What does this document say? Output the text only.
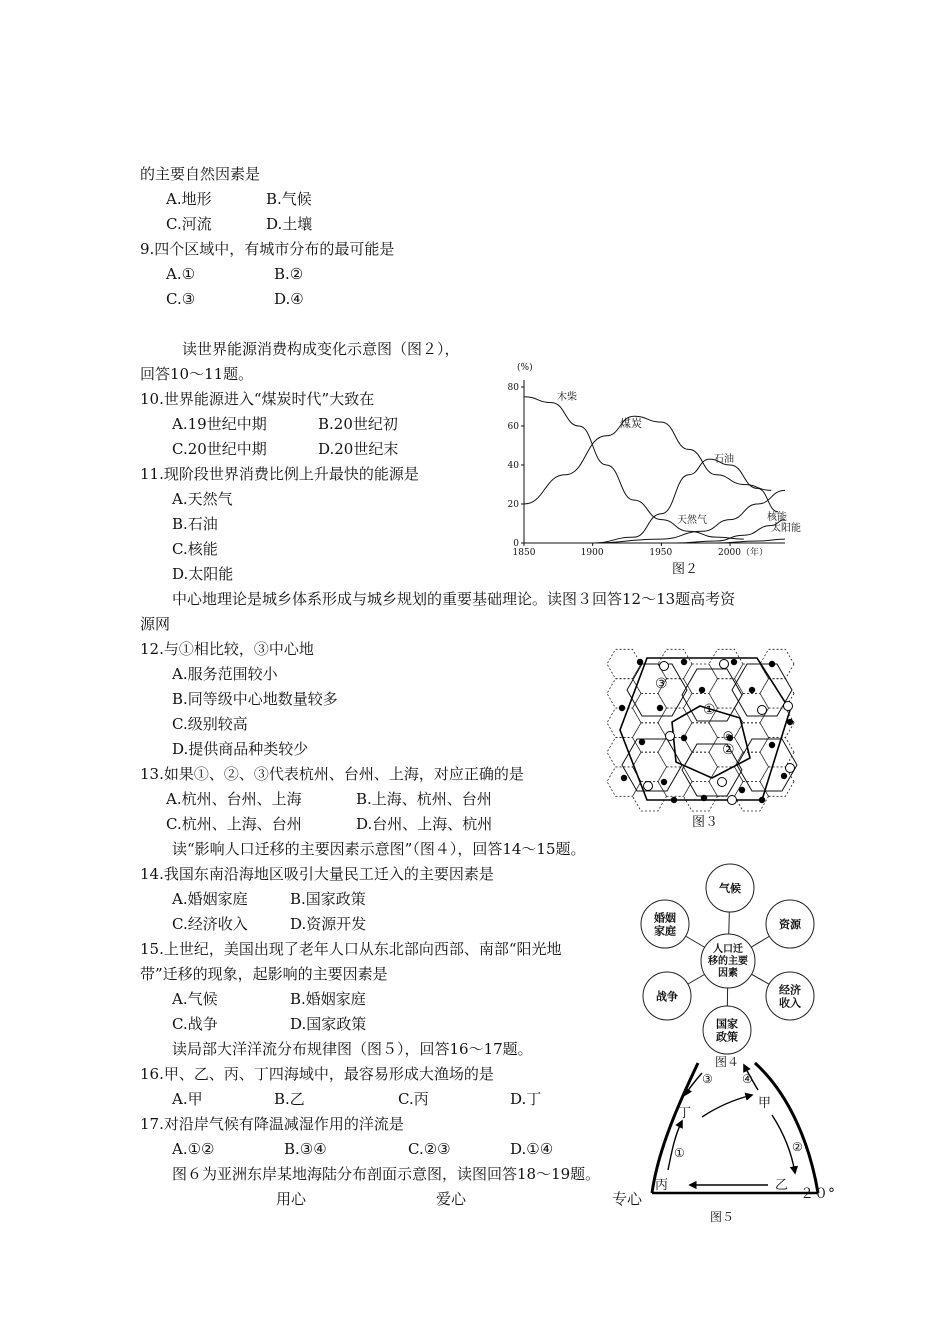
的主要自然因素是
A.地形	B.气候
C.河流	D.土壤
9.四个区域中，有城市分布的最可能是
A.①	B.②
C.③	D.④
读世界能源消费构成变化示意图（图２），
回答10～11题。
10.世界能源进入“煤炭时代”大致在
A.19世纪中期	B.20世纪初
C.20世纪中期	D.20世纪末
11.现阶段世界消费比例上升最快的能源是
A.天然气
B.石油
C.核能
D.太阳能
中心地理论是城乡体系形成与城乡规划的重要基础理论。读图３回答12～13题高考资
源网
12.与①相比较，③中心地
A.服务范围较小
B.同等级中心地数量较多
C.级别较高
D.提供商品种类较少
13.如果①、②、③代表杭州、台州、上海，对应正确的是
A.杭州、台州、上海	B.上海、杭州、台州
C.杭州、上海、台州	D.台州、上海、杭州
读“影响人口迁移的主要因素示意图”（图４），回答14～15题。
14.我国东南沿海地区吸引大量民工迁入的主要因素是
A.婚姻家庭	B.国家政策
C.经济收入	D.资源开发
15.上世纪，美国出现了老年人口从东北部向西部、南部“阳光地
带”迁移的现象，起影响的主要因素是
A.气候	B.婚姻家庭
C.战争	D.国家政策
读局部大洋洋流分布规律图（图５），回答16～17题。
16.甲、乙、丙、丁四海域中，最容易形成大渔场的是
A.甲	B.乙	C.丙	D.丁
17.对沿岸气候有降温减湿作用的洋流是
A.①②	B.③④	C.②③	D.①④
图６为亚洲东岸某地海陆分布剖面示意图，读图回答18～19题。
用心	爱心	专心
(%)
80
60
40
20
0
1850	1900	1950	2000（年）
木柴
煤炭
石油
天然气	核能
太阳能
图２
③
①
◎
②
图３
气候
资源
经济
收入
国家
政策
战争
婚姻
家庭
人口迁
移的主要
因素
图４
③ ④
①	②
甲
乙
丙
丁
２０°
图５
